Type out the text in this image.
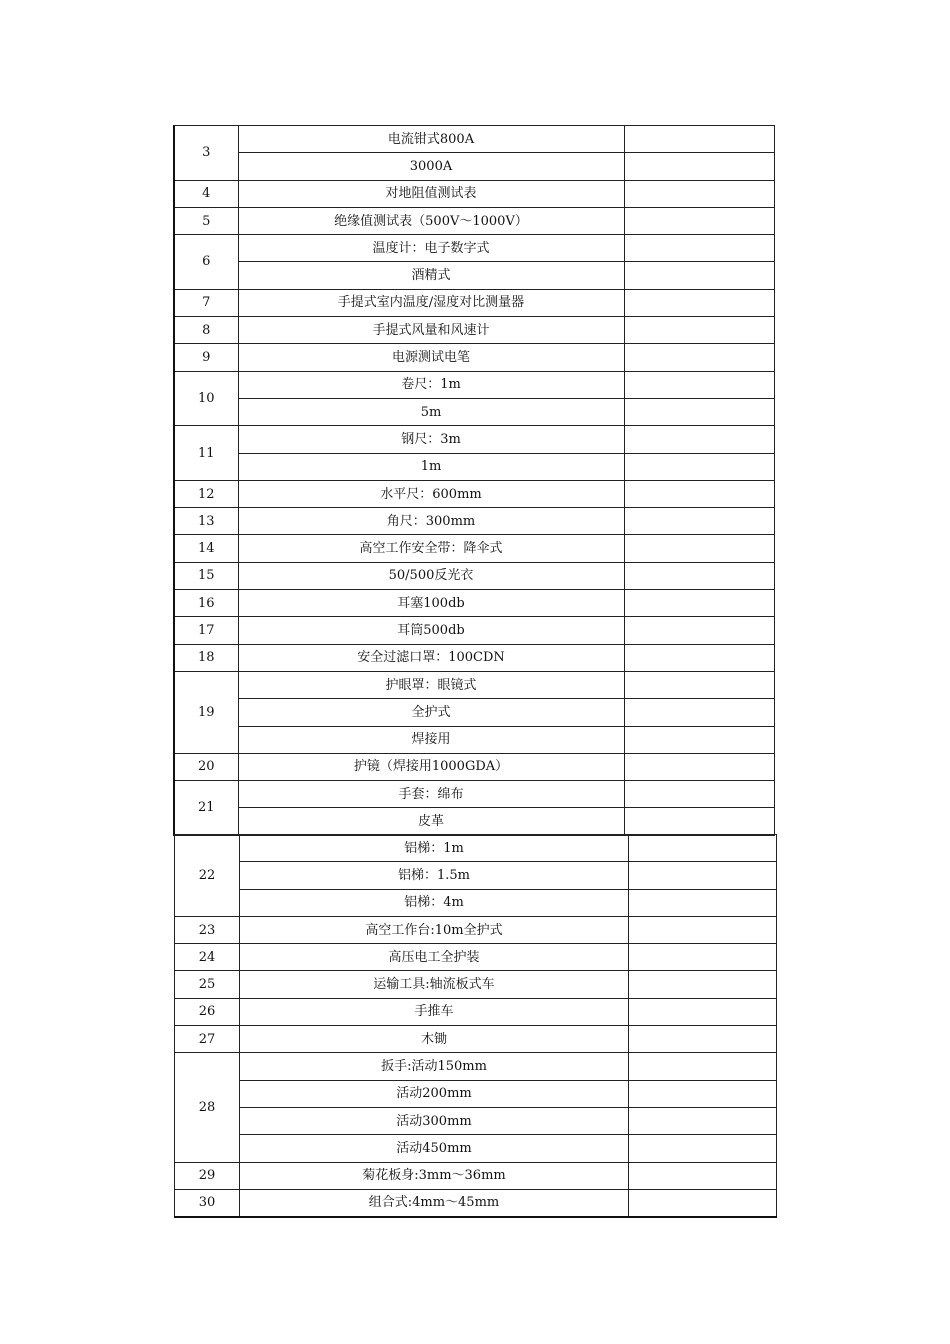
3	电流钳式800A	
	3000A	
4	对地阻值测试表	
5	绝缘值测试表（500V～1000V）	
6	温度计：电子数字式	
	酒精式	
7	手提式室内温度/湿度对比测量器	
8	手提式风量和风速计	
9	电源测试电笔	
10	卷尺：1m	
	5m	
11	钢尺：3m	
	1m	
12	水平尺：600mm	
13	角尺：300mm	
14	高空工作安全带：降伞式	
15	50/500反光衣	
16	耳塞100db	
17	耳筒500db	
18	安全过滤口罩：100CDN	
19	护眼罩：眼镜式	
	全护式	
	焊接用	
20	护镜（焊接用1000GDA）	
21	手套：绵布	
	皮革	
22	铝梯：1m	
	铝梯：1.5m	
	铝梯：4m	
23	高空工作台:10m全护式	
24	高压电工全护装	
25	运输工具:轴流板式车	
26	手推车	
27	木锄	
28	扳手:活动150mm	
	活动200mm	
	活动300mm	
	活动450mm	
29	菊花板身:3mm～36mm	
30	组合式:4mm～45mm	
